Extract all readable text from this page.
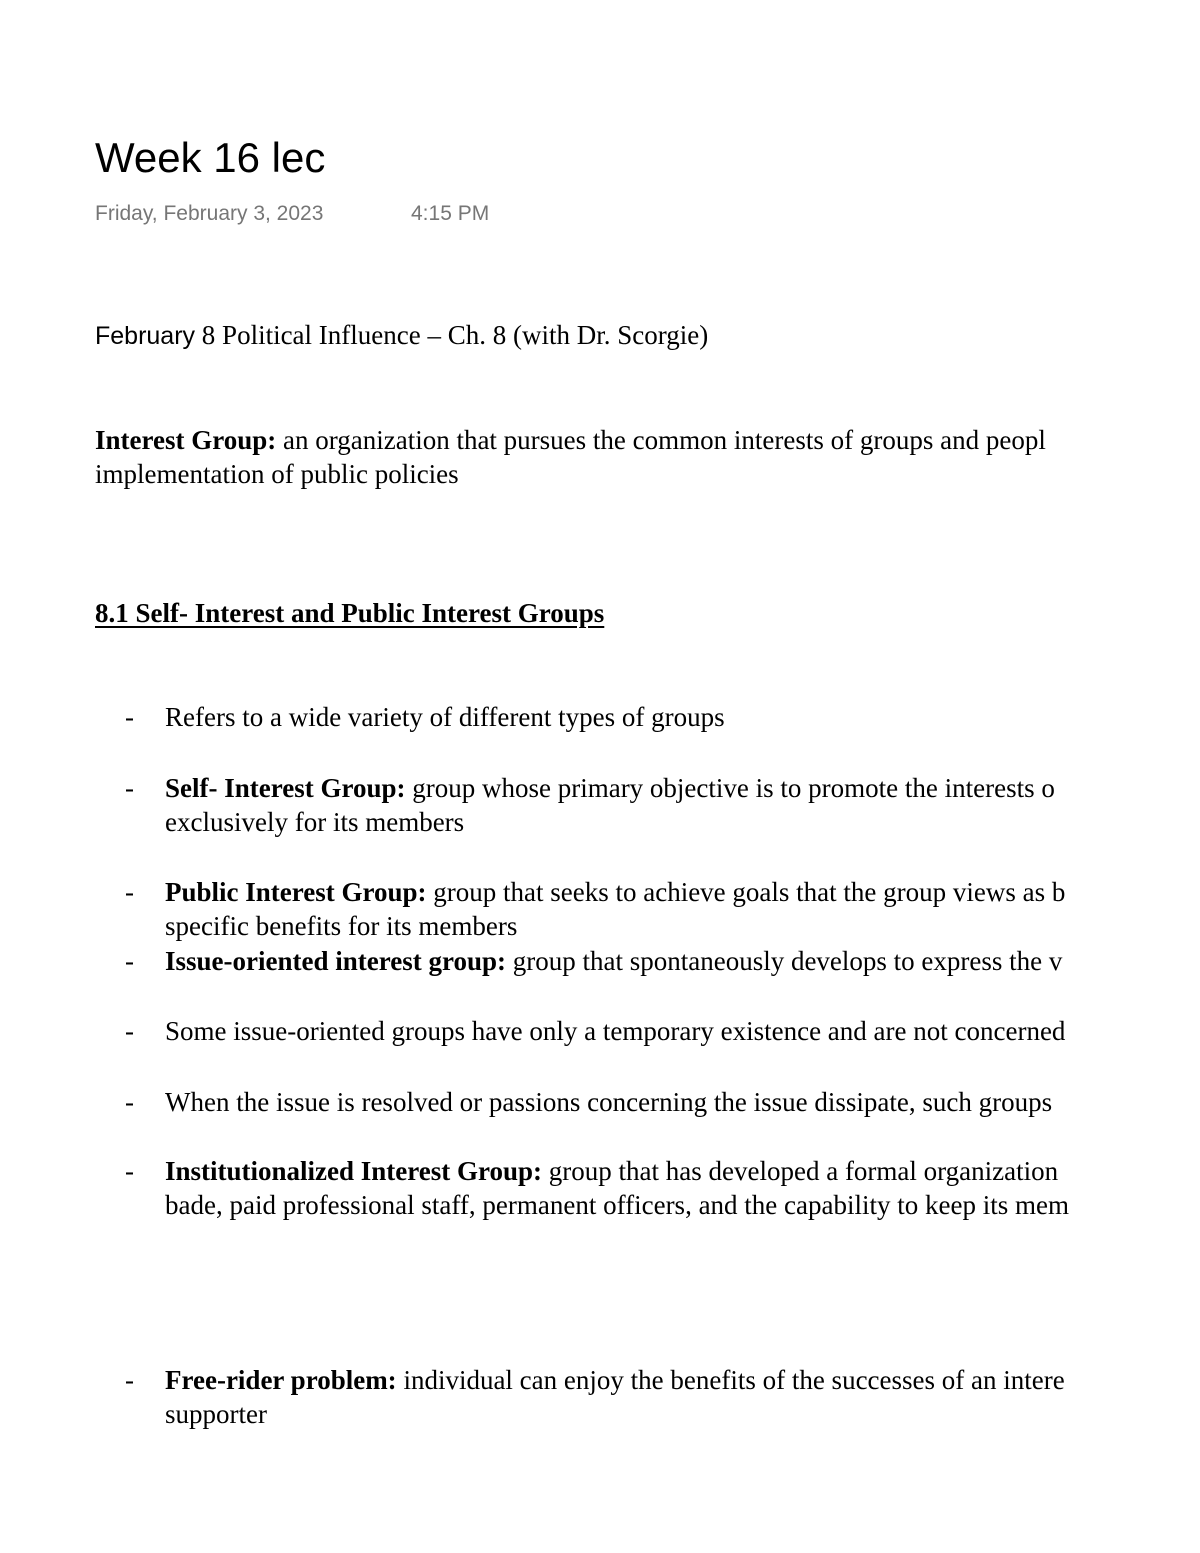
Week 16 lec
Friday, February 3, 2023	4:15 PM
February 8 Political Influence – Ch. 8 (with Dr. Scorgie)
Interest Group: an organization that pursues the common interests of groups and peopl
implementation of public policies
8.1 Self- Interest and Public Interest Groups
- Refers to a wide variety of different types of groups
- Self- Interest Group: group whose primary objective is to promote the interests o
exclusively for its members
- Public Interest Group: group that seeks to achieve goals that the group views as b
specific benefits for its members
- Issue-oriented interest group: group that spontaneously develops to express the v
- Some issue-oriented groups have only a temporary existence and are not concerned
- When the issue is resolved or passions concerning the issue dissipate, such groups
- Institutionalized Interest Group: group that has developed a formal organization
bade, paid professional staff, permanent officers, and the capability to keep its mem
- Free-rider problem: individual can enjoy the benefits of the successes of an intere
supporter
